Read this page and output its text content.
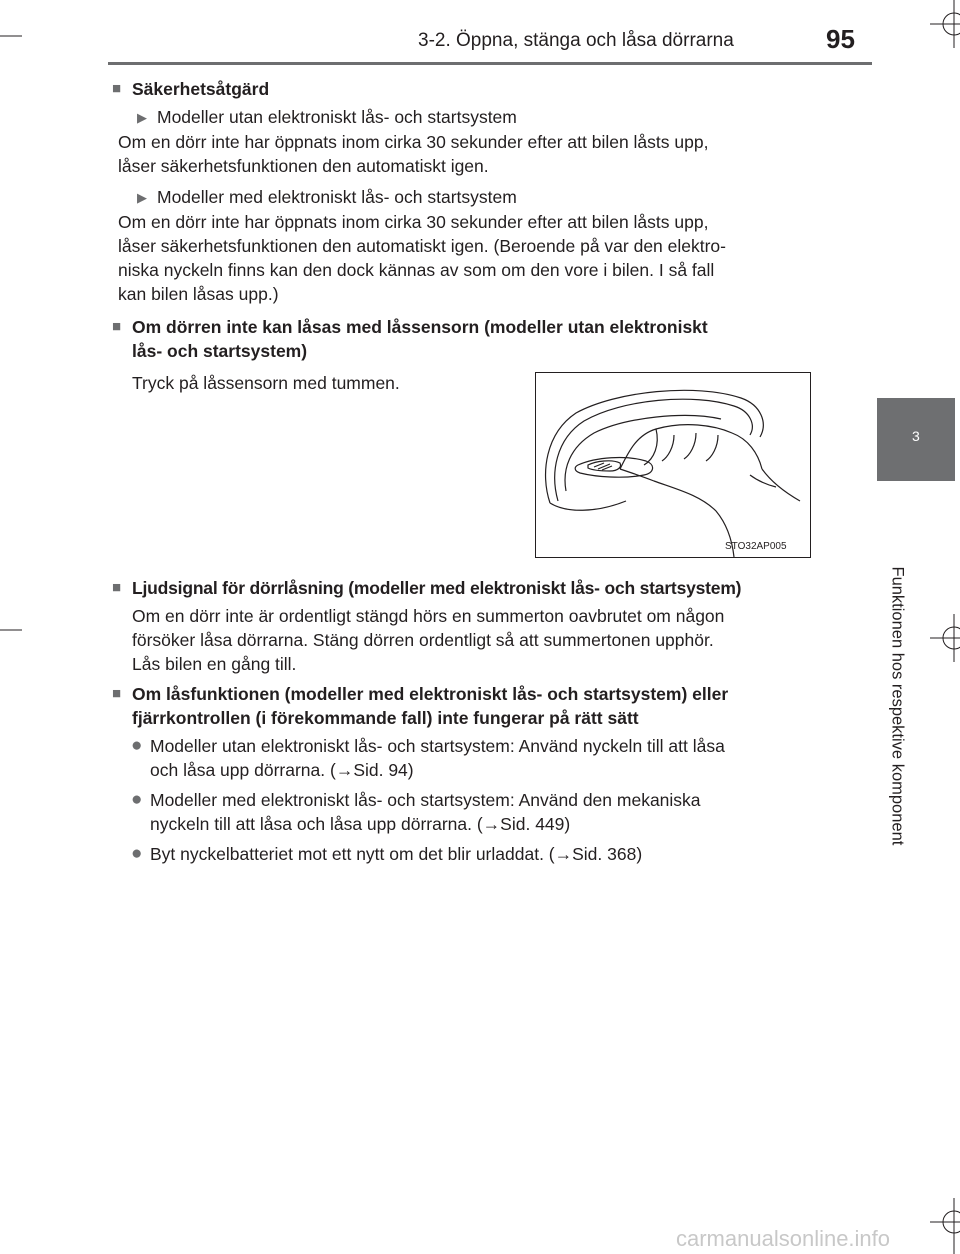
3-2. Öppna, stänga och låsa dörrarna	95
3
Funktionen hos respektive komponent
■ Säkerhetsåtgärd
▶ Modeller utan elektroniskt lås- och startsystem
Om en dörr inte har öppnats inom cirka 30 sekunder efter att bilen låsts upp,
låser säkerhetsfunktionen den automatiskt igen.
▶ Modeller med elektroniskt lås- och startsystem
Om en dörr inte har öppnats inom cirka 30 sekunder efter att bilen låsts upp,
låser säkerhetsfunktionen den automatiskt igen. (Beroende på var den elektro-
niska nyckeln finns kan den dock kännas av som om den vore i bilen. I så fall
kan bilen låsas upp.)
■ Om dörren inte kan låsas med låssensorn (modeller utan elektroniskt
lås- och startsystem)
Tryck på låssensorn med tummen.
STO32AP005
■ Ljudsignal för dörrlåsning (modeller med elektroniskt lås- och startsystem)
Om en dörr inte är ordentligt stängd hörs en summerton oavbrutet om någon
försöker låsa dörrarna. Stäng dörren ordentligt så att summertonen upphör.
Lås bilen en gång till.
■ Om låsfunktionen (modeller med elektroniskt lås- och startsystem) eller
fjärrkontrollen (i förekommande fall) inte fungerar på rätt sätt
● Modeller utan elektroniskt lås- och startsystem: Använd nyckeln till att låsa
och låsa upp dörrarna. (→Sid. 94)
● Modeller med elektroniskt lås- och startsystem: Använd den mekaniska
nyckeln till att låsa och låsa upp dörrarna. (→Sid. 449)
● Byt nyckelbatteriet mot ett nytt om det blir urladdat. (→Sid. 368)
carmanualsonline.info
